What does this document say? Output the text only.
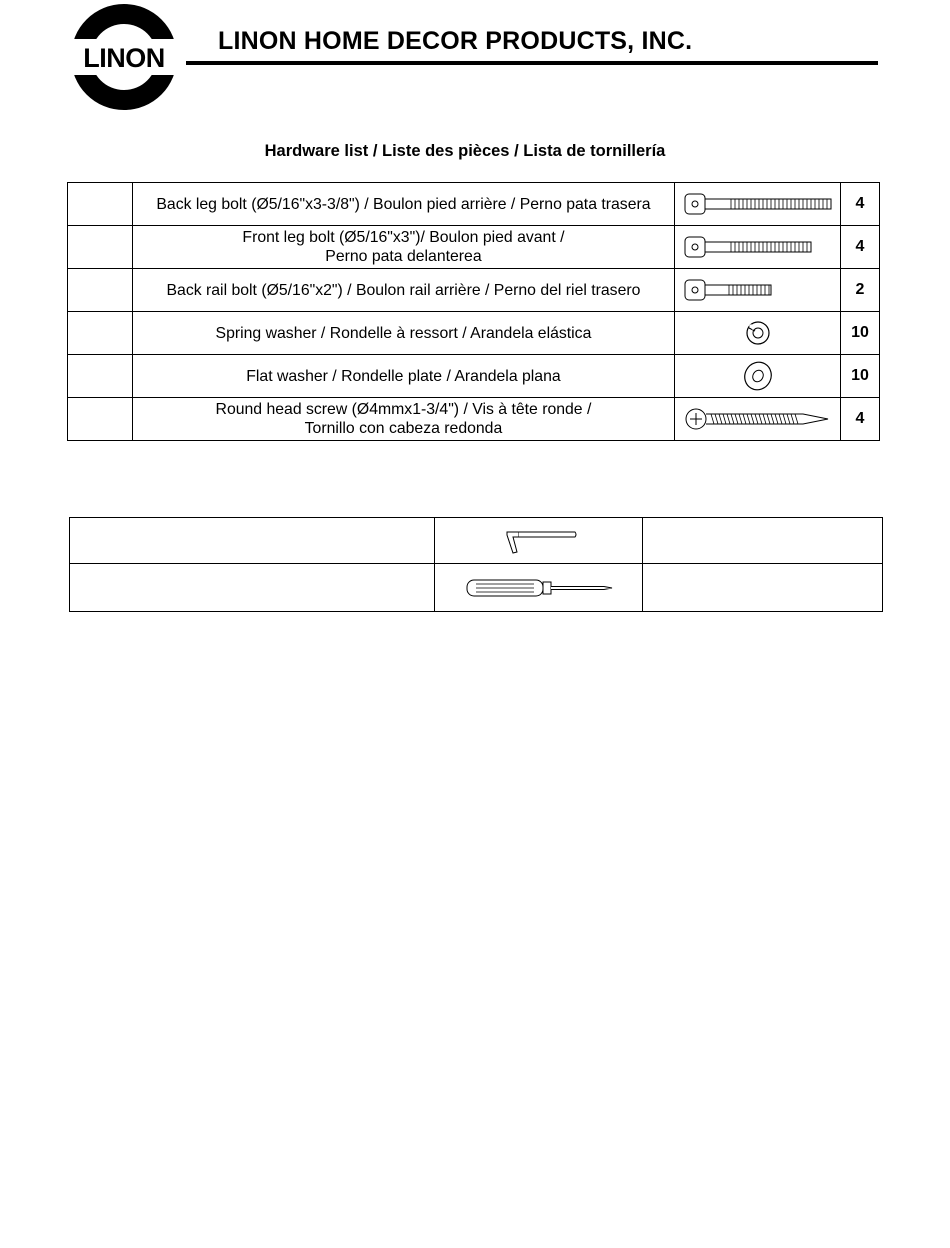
LINON
LINON HOME DECOR PRODUCTS, INC.
Hardware list / Liste des pièces / Lista de tornillería

	Back leg bolt (Ø5/16"x3-3/8") / Boulon pied arrière / Perno pata trasera		4

	Front leg bolt (Ø5/16"x3")/ Boulon pied avant /
Perno pata delanterea		4

	Back rail bolt (Ø5/16"x2") / Boulon rail arrière / Perno del riel trasero		2

	Spring washer / Rondelle à ressort / Arandela elástica		10

	Flat washer / Rondelle plate / Arandela plana		10

	Round head screw (Ø4mmx1-3/4") / Vis à tête ronde /
Tornillo con cabeza redonda		4
